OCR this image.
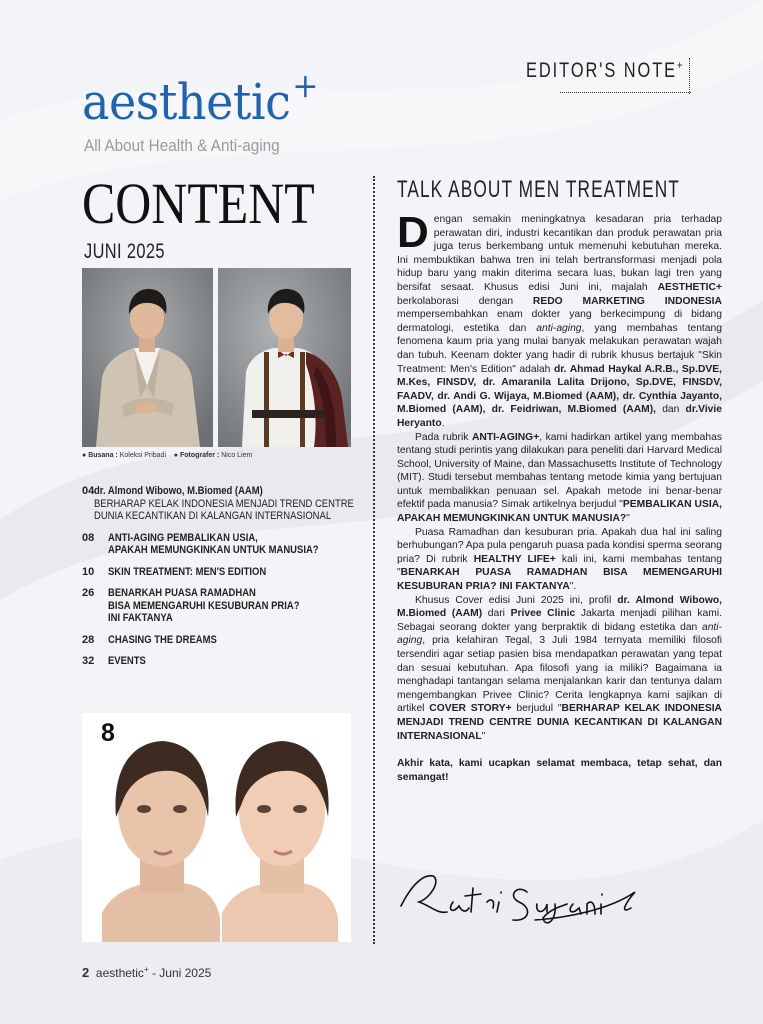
EDITOR'S NOTE+
aesthetic+
All About Health & Anti-aging
CONTENT
JUNI 2025
● Busana : Koleksi Pribadi ● Fotografer : Nico Liem
04 dr. Almond Wibowo, M.Biomed (AAM)
BERHARAP KELAK INDONESIA MENJADI TREND CENTRE
DUNIA KECANTIKAN DI KALANGAN INTERNASIONAL
08	ANTI-AGING PEMBALIKAN USIA,
APAKAH MEMUNGKINKAN UNTUK MANUSIA?
10	SKIN TREATMENT: MEN'S EDITION
26	BENARKAH PUASA RAMADHAN
BISA MEMENGARUHI KESUBURAN PRIA?
INI FAKTANYA
28	CHASING THE DREAMS
32	EVENTS
8
2 aesthetic+ - Juni 2025
TALK ABOUT MEN TREATMENT

Dengan semakin meningkatnya kesadaran pria terhadap perawatan diri, industri kecantikan dan produk perawatan pria juga terus berkembang untuk memenuhi kebutuhan mereka. Ini membuktikan bahwa tren ini telah bertransformasi menjadi pola hidup baru yang makin diterima secara luas, bukan lagi tren yang bersifat sesaat. Khusus edisi Juni ini, majalah AESTHETIC+ berkolaborasi dengan REDO MARKETING INDONESIA mempersembahkan enam dokter yang berkecimpung di bidang dermatologi, estetika dan anti-aging, yang membahas tentang fenomena kaum pria yang mulai banyak melakukan perawatan wajah dan tubuh. Keenam dokter yang hadir di rubrik khusus bertajuk "Skin Treatment: Men's Edition" adalah dr. Ahmad Haykal A.R.B., Sp.DVE, M.Kes, FINSDV, dr. Amaranila Lalita Drijono, Sp.DVE, FINSDV, FAADV, dr. Andi G. Wijaya, M.Biomed (AAM), dr. Cynthia Jayanto, M.Biomed (AAM), dr. Feidriwan, M.Biomed (AAM), dan dr.Vivie Heryanto.

Pada rubrik ANTI-AGING+, kami hadirkan artikel yang membahas tentang studi perintis yang dilakukan para peneliti dari Harvard Medical School, University of Maine, dan Massachusetts Institute of Technology (MIT). Studi tersebut membahas tentang metode kimia yang bertujuan untuk membalikkan penuaan sel. Apakah metode ini benar-benar efektif pada manusia? Simak artikelnya berjudul "PEMBALIKAN USIA, APAKAH MEMUNGKINKAN UNTUK MANUSIA?"

Puasa Ramadhan dan kesuburan pria. Apakah dua hal ini saling berhubungan? Apa pula pengaruh puasa pada kondisi sperma seorang pria? Di rubrik HEALTHY LIFE+ kali ini, kami membahas tentang "BENARKAH PUASA RAMADHAN BISA MEMENGARUHI KESUBURAN PRIA? INI FAKTANYA".

Khusus Cover edisi Juni 2025 ini, profil dr. Almond Wibowo, M.Biomed (AAM) dari Privee Clinic Jakarta menjadi pilihan kami. Sebagai seorang dokter yang berpraktik di bidang estetika dan anti-aging, pria kelahiran Tegal, 3 Juli 1984 ternyata memiliki filosofi tersendiri agar setiap pasien bisa mendapatkan perawatan yang tepat dan sesuai kebutuhan. Apa filosofi yang ia miliki? Bagaimana ia menghadapi tantangan selama menjalankan karir dan tentunya dalam mengembangkan Privee Clinic? Cerita lengkapnya kami sajikan di artikel COVER STORY+ berjudul "BERHARAP KELAK INDONESIA MENJADI TREND CENTRE DUNIA KECANTIKAN DI KALANGAN INTERNASIONAL"

Akhir kata, kami ucapkan selamat membaca, tetap sehat, dan semangat!
